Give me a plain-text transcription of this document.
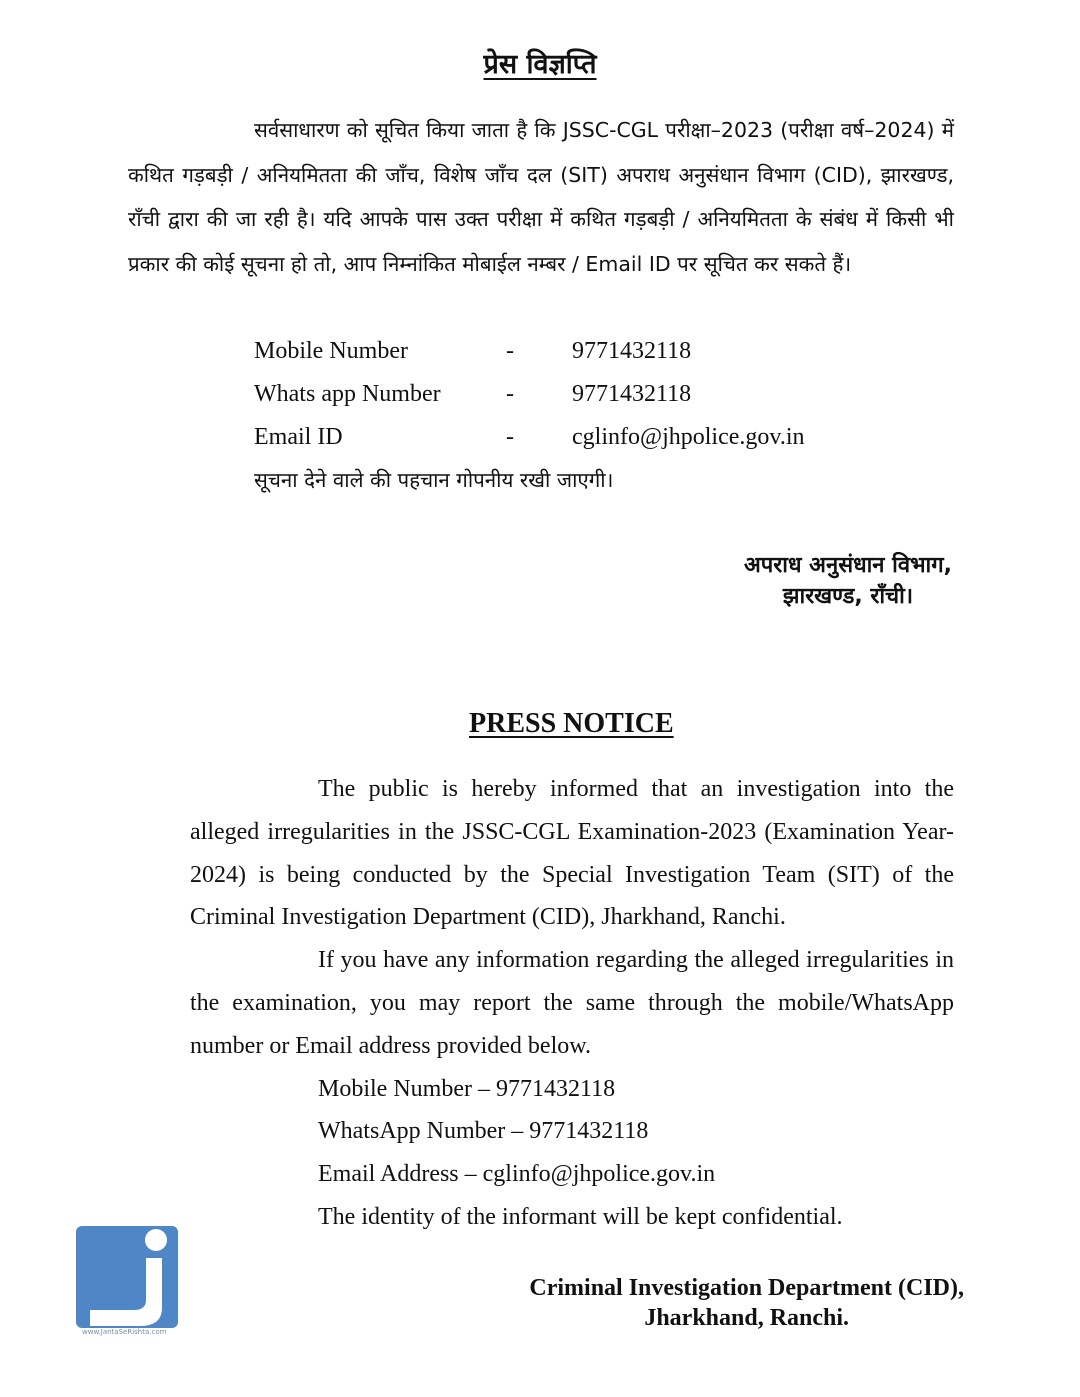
प्रेस विज्ञप्ति

सर्वसाधारण को सूचित किया जाता है कि JSSC-CGL परीक्षा–2023 (परीक्षा वर्ष–2024) में कथित गड़बड़ी / अनियमितता की जाँच, विशेष जाँच दल (SIT) अपराध अनुसंधान विभाग (CID), झारखण्ड, राँची द्वारा की जा रही है। यदि आपके पास उक्त परीक्षा में कथित गड़बड़ी / अनियमितता के संबंध में किसी भी प्रकार की कोई सूचना हो तो, आप निम्नांकित मोबाईल नम्बर / Email ID पर सूचित कर सकते हैं।

Mobile Number	- 9771432118
Whats app Number	- 9771432118
Email ID	- cglinfo@jhpolice.gov.in
सूचना देने वाले की पहचान गोपनीय रखी जाएगी।
अपराध अनुसंधान विभाग,
झारखण्ड, राँची।
PRESS NOTICE

The public is hereby informed that an investigation into the alleged irregularities in the JSSC-CGL Examination-2023 (Examination Year-2024) is being conducted by the Special Investigation Team (SIT) of the Criminal Investigation Department (CID), Jharkhand, Ranchi.

If you have any information regarding the alleged irregularities in the examination, you may report the same through the mobile/WhatsApp number or Email address provided below.

Mobile Number – 9771432118
WhatsApp Number – 9771432118
Email Address – cglinfo@jhpolice.gov.in
The identity of the informant will be kept confidential.
Criminal Investigation Department (CID),
Jharkhand, Ranchi.
www.JantaSeRishta.com
